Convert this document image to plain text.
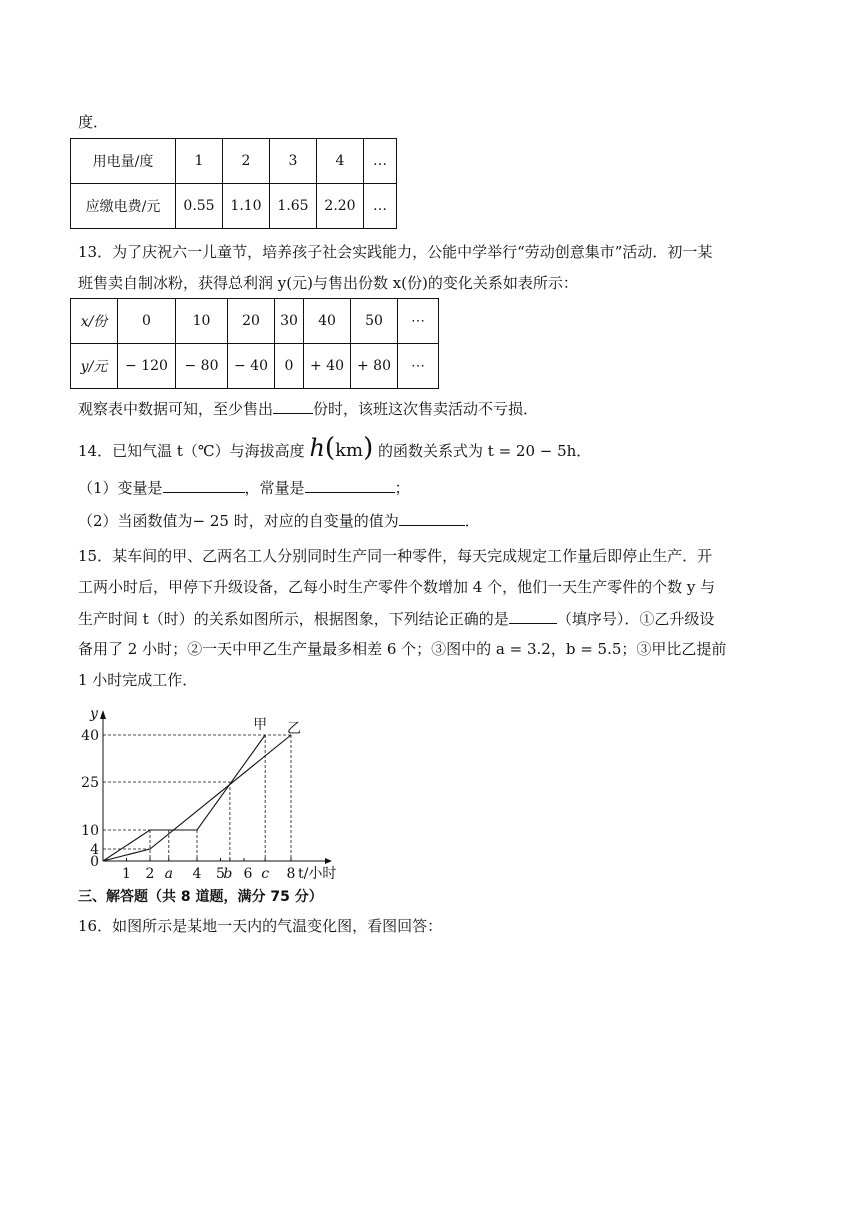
度．
用电量/度	1	2	3	4	…
应缴电费/元	0.55	1.10	1.65	2.20	…
13．为了庆祝六一儿童节，培养孩子社会实践能力，公能中学举行“劳动创意集市”活动．初一某
班售卖自制冰粉，获得总利润 y(元)与售出份数 x(份)的变化关系如表所示：
x/份	0	10	20	30	40	50	⋯
y/元	− 120	− 80	− 40	0	+ 40	+ 80	⋯
观察表中数据可知，至少售出	份时，该班这次售卖活动不亏损．
14．已知气温 t（℃）与海拔高度 h(km) 的函数关系式为 t = 20 − 5h．
（1）变量是	，常量是	；
（2）当函数值为− 25 时，对应的自变量的值为	．
15．某车间的甲、乙两名工人分别同时生产同一种零件，每天完成规定工作量后即停止生产．开
工两小时后，甲停下升级设备，乙每小时生产零件个数增加 4 个，他们一天生产零件的个数 y 与
生产时间 t（时）的关系如图所示，根据图象，下列结论正确的是	（填序号）．①乙升级设
备用了 2 小时；②一天中甲乙生产量最多相差 6 个；③图中的 a = 3.2，b = 5.5；③甲比乙提前
1 小时完成工作．
y
40
25
10
4
0
1 2 a 4 5
b 6 c 8 t/小时
甲 乙
三、解答题（共 8 道题，满分 75 分）
16．如图所示是某地一天内的气温变化图，看图回答：
